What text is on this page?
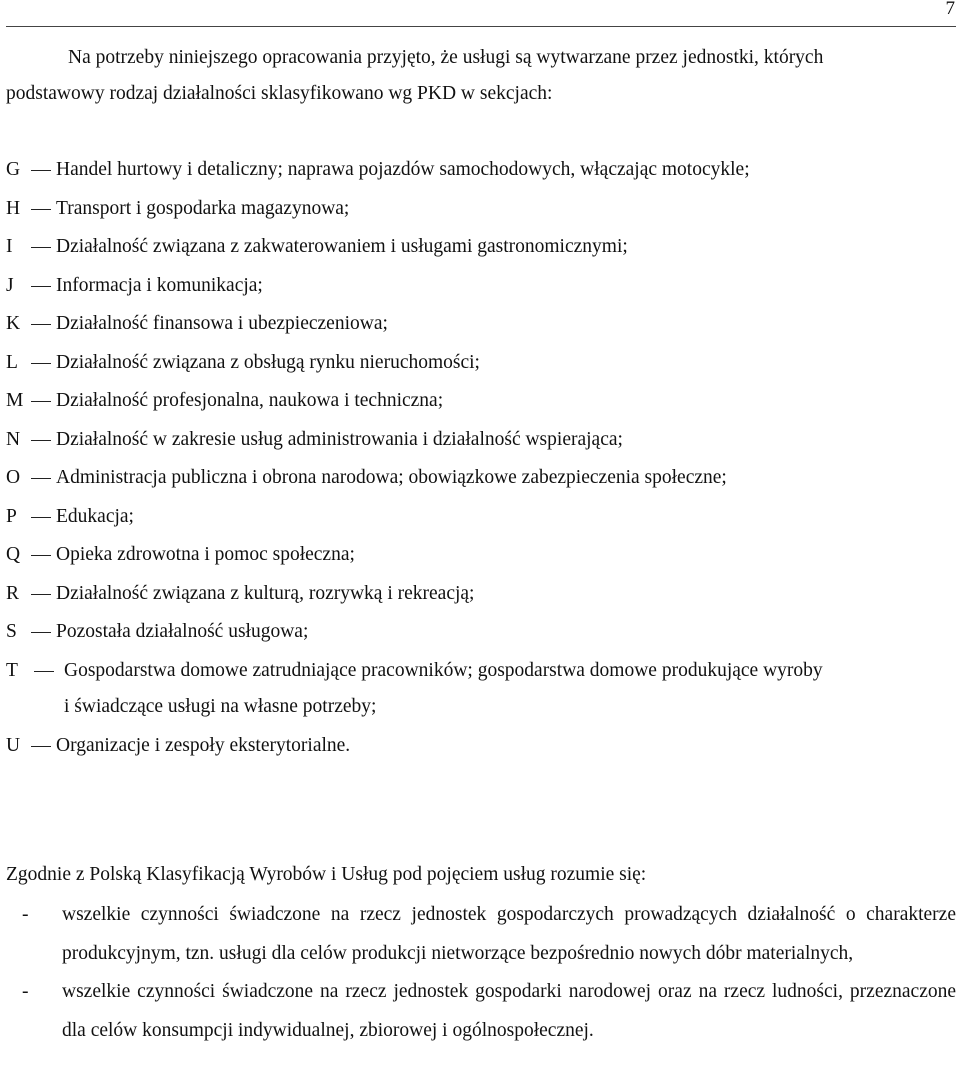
7
Na potrzeby niniejszego opracowania przyjęto, że usługi są wytwarzane przez jednostki, których
podstawowy rodzaj działalności sklasyfikowano wg PKD w sekcjach:
G Handel hurtowy i detaliczny; naprawa pojazdów samochodowych, włączając motocykle;
H Transport i gospodarka magazynowa;
I Działalność związana z zakwaterowaniem i usługami gastronomicznymi;
J Informacja i komunikacja;
K Działalność finansowa i ubezpieczeniowa;
L Działalność związana z obsługą rynku nieruchomości;
M Działalność profesjonalna, naukowa i techniczna;
N Działalność w zakresie usług administrowania i działalność wspierająca;
O Administracja publiczna i obrona narodowa; obowiązkowe zabezpieczenia społeczne;
P Edukacja;
Q Opieka zdrowotna i pomoc społeczna;
R Działalność związana z kulturą, rozrywką i rekreacją;
S Pozostała działalność usługowa;
T Gospodarstwa domowe zatrudniające pracowników; gospodarstwa domowe produkujące wyroby
i świadczące usługi na własne potrzeby;
U Organizacje i zespoły eksterytorialne.
Zgodnie z Polską Klasyfikacją Wyrobów i Usług pod pojęciem usług rozumie się:
- wszelkie czynności świadczone na rzecz jednostek gospodarczych prowadzących działalność o charakterze produkcyjnym, tzn. usługi dla celów produkcji nietworzące bezpośrednio nowych dóbr materialnych,
- wszelkie czynności świadczone na rzecz jednostek gospodarki narodowej oraz na rzecz ludności, przeznaczone dla celów konsumpcji indywidualnej, zbiorowej i ogólnospołecznej.
